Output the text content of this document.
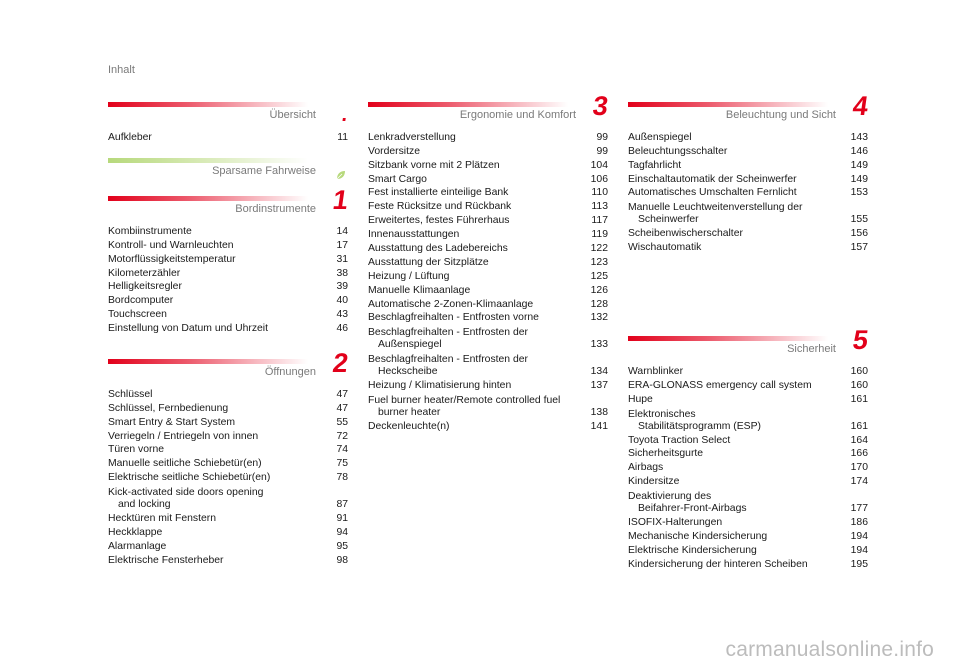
Inhalt
Übersicht .
Aufkleber	11
Sparsame Fahrweise
Bordinstrumente 1
Kombiinstrumente	14
Kontroll- und Warnleuchten	17
Motorflüssigkeitstemperatur	31
Kilometerzähler	38
Helligkeitsregler	39
Bordcomputer	40
Touchscreen	43
Einstellung von Datum und Uhrzeit	46
Öffnungen 2
Schlüssel	47
Schlüssel, Fernbedienung	47
Smart Entry & Start System	55
Verriegeln / Entriegeln von innen	72
Türen vorne	74
Manuelle seitliche Schiebetür(en)	75
Elektrische seitliche Schiebetür(en)	78
Kick-activated side doors opening
and locking	87
Hecktüren mit Fenstern	91
Heckklappe	94
Alarmanlage	95
Elektrische Fensterheber	98
Ergonomie und Komfort 3
Lenkradverstellung	99
Vordersitze	99
Sitzbank vorne mit 2 Plätzen	104
Smart Cargo	106
Fest installierte einteilige Bank	110
Feste Rücksitze und Rückbank	113
Erweitertes, festes Führerhaus	117
Innenausstattungen	119
Ausstattung des Ladebereichs	122
Ausstattung der Sitzplätze	123
Heizung / Lüftung	125
Manuelle Klimaanlage	126
Automatische 2-Zonen-Klimaanlage	128
Beschlagfreihalten - Entfrosten vorne	132
Beschlagfreihalten - Entfrosten der
Außenspiegel	133
Beschlagfreihalten - Entfrosten der
Heckscheibe	134
Heizung / Klimatisierung hinten	137
Fuel burner heater/Remote controlled fuel
burner heater	138
Deckenleuchte(n)	141
Beleuchtung und Sicht 4
Außenspiegel	143
Beleuchtungsschalter	146
Tagfahrlicht	149
Einschaltautomatik der Scheinwerfer	149
Automatisches Umschalten Fernlicht	153
Manuelle Leuchtweitenverstellung der
Scheinwerfer	155
Scheibenwischerschalter	156
Wischautomatik	157
Sicherheit 5
Warnblinker	160
ERA-GLONASS emergency call system	160
Hupe	161
Elektronisches
Stabilitätsprogramm (ESP)	161
Toyota Traction Select	164
Sicherheitsgurte	166
Airbags	170
Kindersitze	174
Deaktivierung des
Beifahrer-Front-Airbags	177
ISOFIX-Halterungen	186
Mechanische Kindersicherung	194
Elektrische Kindersicherung	194
Kindersicherung der hinteren Scheiben	195
carmanualsonline.info
